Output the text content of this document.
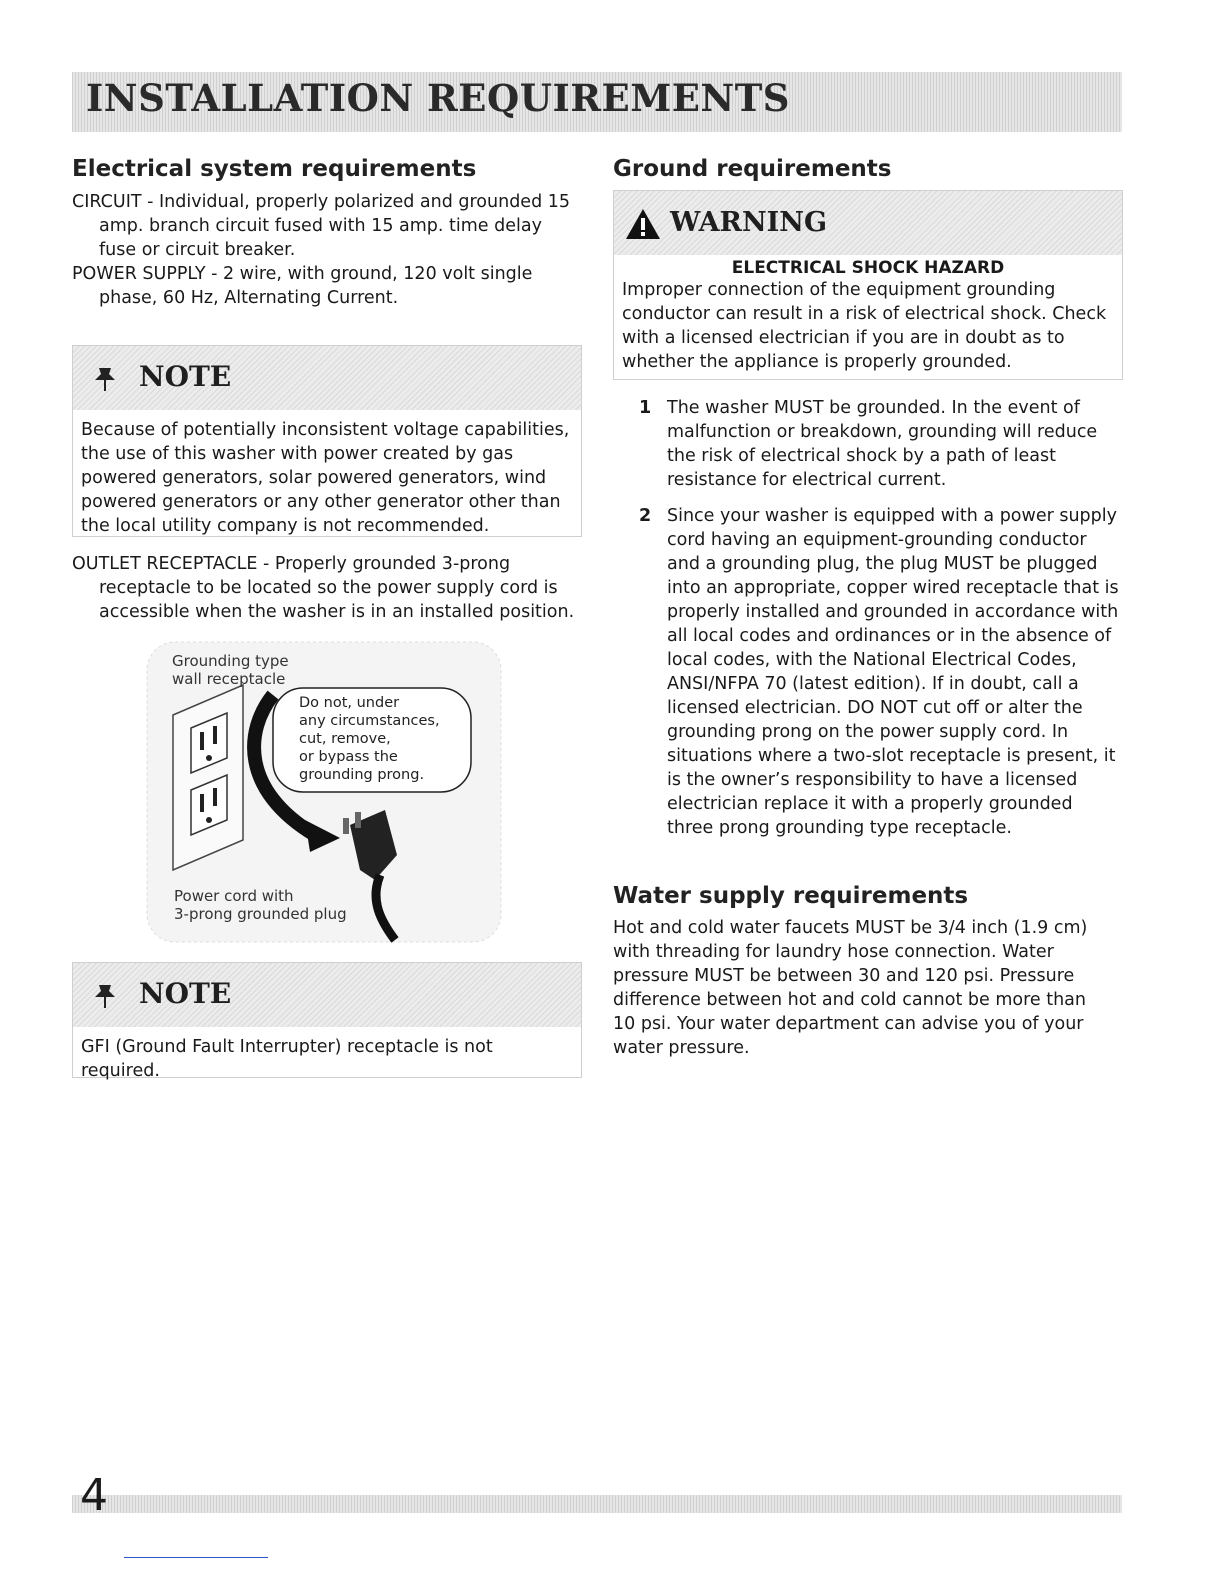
INSTALLATION REQUIREMENTS
Electrical system requirements

CIRCUIT - Individual, properly polarized and grounded 15 amp. branch circuit fused with 15 amp. time delay fuse or circuit breaker.

POWER SUPPLY - 2 wire, with ground, 120 volt single phase, 60 Hz, Alternating Current.

NOTE
Because of potentially inconsistent voltage capabilities, the use of this washer with power created by gas powered generators, solar powered generators, wind powered generators or any other generator other than the local utility company is not recommended.

OUTLET RECEPTACLE - Properly grounded 3-prong receptacle to be located so the power supply cord is accessible when the washer is in an installed position.

Grounding type
wall receptacle
Do not, under
any circumstances,
cut, remove,
or bypass the
grounding prong.
Power cord with
3-prong grounded plug
NOTE
GFI (Ground Fault Interrupter) receptacle is not required.
Ground requirements
WARNING
ELECTRICAL SHOCK HAZARD
Improper connection of the equipment grounding conductor can result in a risk of electrical shock. Check with a licensed electrician if you are in doubt as to whether the appliance is properly grounded.
1 The washer MUST be grounded. In the event of malfunction or breakdown, grounding will reduce the risk of electrical shock by a path of least resistance for electrical current.
2 Since your washer is equipped with a power supply cord having an equipment-grounding conductor and a grounding plug, the plug MUST be plugged into an appropriate, copper wired receptacle that is properly installed and grounded in accordance with all local codes and ordinances or in the absence of local codes, with the National Electrical Codes, ANSI/NFPA 70 (latest edition). If in doubt, call a licensed electrician. DO NOT cut off or alter the grounding prong on the power supply cord. In situations where a two-slot receptacle is present, it is the owner’s responsibility to have a licensed electrician replace it with a properly grounded three prong grounding type receptacle.
Water supply requirements
Hot and cold water faucets MUST be 3/4 inch (1.9 cm) with threading for laundry hose connection. Water pressure MUST be between 30 and 120 psi. Pressure difference between hot and cold cannot be more than 10 psi. Your water department can advise you of your water pressure.
4
